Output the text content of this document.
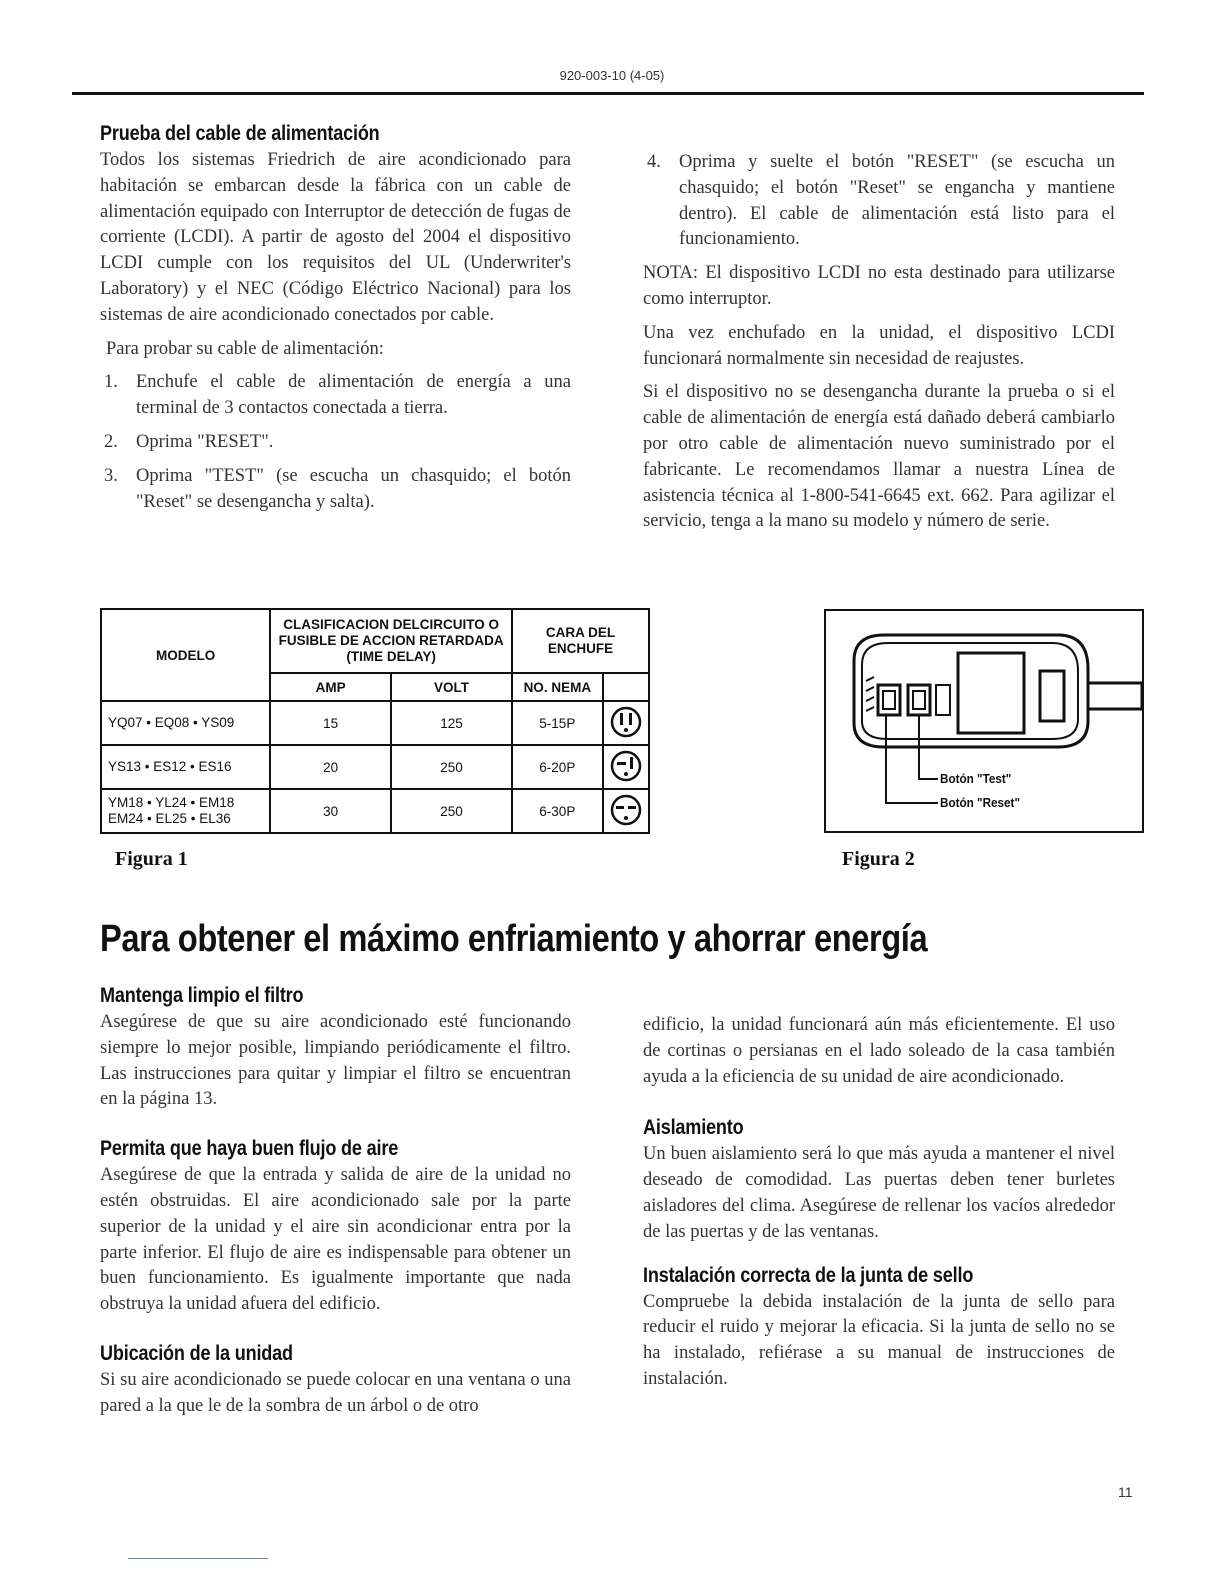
920-003-10 (4-05)
Prueba del cable de alimentación

Todos los sistemas Friedrich de aire acondicionado para habitación se embarcan desde la fábrica con un cable de alimentación equipado con Interruptor de detección de fugas de corriente (LCDI). A partir de agosto del 2004 el dispositivo LCDI cumple con los requisitos del UL (Underwriter's Laboratory) y el NEC (Código Eléctrico Nacional) para los sistemas de aire acondicionado conectados por cable.

Para probar su cable de alimentación:

1. Enchufe el cable de alimentación de energía a una terminal de 3 contactos conectada a tierra.
2. Oprima "RESET".
3. Oprima "TEST" (se escucha un chasquido; el botón "Reset" se desengancha y salta).
4. Oprima y suelte el botón "RESET" (se escucha un chasquido; el botón "Reset" se engancha y mantiene dentro). El cable de alimentación está listo para el funcionamiento.

NOTA: El dispositivo LCDI no esta destinado para utilizarse como interruptor.

Una vez enchufado en la unidad, el dispositivo LCDI funcionará normalmente sin necesidad de reajustes.

Si el dispositivo no se desengancha durante la prueba o si el cable de alimentación de energía está dañado deberá cambiarlo por otro cable de alimentación nuevo suministrado por el fabricante. Le recomendamos llamar a nuestra Línea de asistencia técnica al 1-800-541-6645 ext. 662. Para agilizar el servicio, tenga a la mano su modelo y número de serie.

MODELO	CLASIFICACION DELCIRCUITO O FUSIBLE DE ACCION RETARDADA (TIME DELAY)		CARA DEL ENCHUFE	
	AMP	VOLT	NO. NEMA	
YQ07 • EQ08 • YS09	15	125	5-15P	
YS13 • ES12 • ES16	20	250	6-20P	
YM18 • YL24 • EM18 EM24 • EL25 • EL36	30	250	6-30P	
Figura 1
Botón "Test"
Botón "Reset"
Figura 2
Para obtener el máximo enfriamiento y ahorrar energía
Mantenga limpio el filtro

Asegúrese de que su aire acondicionado esté funcionando siempre lo mejor posible, limpiando periódicamente el filtro. Las instrucciones para quitar y limpiar el filtro se encuentran en la página 13.

Permita que haya buen flujo de aire

Asegúrese de que la entrada y salida de aire de la unidad no estén obstruidas. El aire acondicionado sale por la parte superior de la unidad y el aire sin acondicionar entra por la parte inferior. El flujo de aire es indispensable para obtener un buen funcionamiento. Es igualmente importante que nada obstruya la unidad afuera del edificio.

Ubicación de la unidad

Si su aire acondicionado se puede colocar en una ventana o una pared a la que le de la sombra de un árbol o de otro

edificio, la unidad funcionará aún más eficientemente. El uso de cortinas o persianas en el lado soleado de la casa también ayuda a la eficiencia de su unidad de aire acondicionado.

Aislamiento

Un buen aislamiento será lo que más ayuda a mantener el nivel deseado de comodidad. Las puertas deben tener burletes aisladores del clima. Asegúrese de rellenar los vacíos alrededor de las puertas y de las ventanas.

Instalación correcta de la junta de sello

Compruebe la debida instalación de la junta de sello para reducir el ruido y mejorar la eficacia. Si la junta de sello no se ha instalado, refiérase a su manual de instrucciones de instalación.

11
